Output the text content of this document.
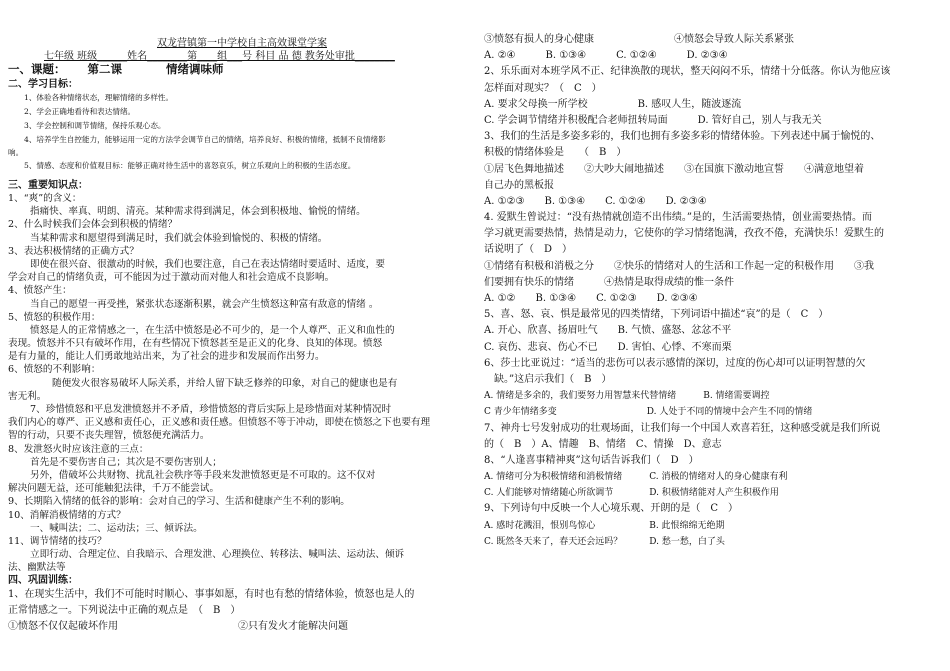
双龙营镇第一中学校自主高效课堂学案
七年级 班级______姓名________第____组___号 科目 品 德 教务处审批________
一、课题： 第二课	情绪调味师
二、学习目标：
1、体验各种情绪状态，理解情绪的多样性。
2、学会正确地看待和表达情绪。
3、学会控制和调节情绪，保持乐观心态。
4、培养学生自控能力，能够运用一定的方法学会调节自己的情绪，培养良好、积极的情绪，抵制不良情绪影
响。
5、情感、态度和价值观目标：能够正确对待生活中的喜怒哀乐，树立乐观向上的积极的生活态度。
三、重要知识点：
1、“爽”的含义：
指痛快、率真、明朗、清亮。某种需求得到满足，体会到积极地、愉悦的情绪。
2、什么时候我们会体会到积极的情绪？
当某种需求和愿望得到满足时，我们就会体验到愉悦的、积极的情绪。
3、表达积极情绪的正确方式？
即使在很兴奋、很激动的时候，我们也要注意，自己在表达情绪时要适时、适度，要
学会对自己的情绪负责，可不能因为过于激动而对他人和社会造成不良影响。
4、愤怒产生：
当自己的愿望一再受挫，紧张状态逐渐积累，就会产生愤怒这种富有敌意的情绪 。
5、愤怒的积极作用：
愤怒是人的正常情感之一，在生活中愤怒是必不可少的，是一个人尊严、正义和血性的
表现。愤怒并不只有破坏作用，在有些情况下愤怒甚至是正义的化身、良知的体现。愤怒
是有力量的，能让人们勇敢地站出来，为了社会的进步和发展而作出努力。
6、愤怒的不利影响：
随便发火很容易破坏人际关系，并给人留下缺乏修养的印象，对自己的健康也是有
害无利。
7、珍惜愤怒和平息发泄愤怒并不矛盾，珍惜愤怒的背后实际上是珍惜面对某种情况时
我们内心的尊严、正义感和责任心，正义感和责任感。但愤怒不等于冲动，即使在愤怒之下也要有理
智的行动，只要不丧失理智，愤怒便充满活力。
8、发泄怒火时应该注意的三点：
首先是不要伤害自己；其次是不要伤害别人；
另外，借破坏公共财物、扰乱社会秩序等手段来发泄愤怒更是不可取的。这不仅对
解决问题无益，还可能触犯法律，千万不能尝试。
9、长期陷入情绪的低谷的影响：会对自己的学习、生活和健康产生不利的影响。
10、消解消极情绪的方式？
一、喊叫法；二、运动法；三、倾诉法。
11、调节情绪的技巧？
立即行动、合理定位、自我暗示、合理发泄、心理换位、转移法、喊叫法、运动法、倾诉
法、幽默法等
四、巩固训练：
1、在现实生活中，我们不可能时时顺心、事事如愿，有时也有愁的情绪体验，愤怒也是人的
正常情感之一。下列说法中正确的观点是　（　B　）
①愤怒不仅仅起破坏作用	②只有发火才能解决问题
③愤怒有损人的身心健康　　　　　　　　④愤怒会导致人际关系紧张
A. ②④　　　B. ①③④　　　C. ①②④　　　D. ②③④
2、乐乐面对本班学风不正、纪律涣散的现状，整天闷闷不乐，情绪十分低落。你认为他应该
怎样面对现实？（　C　）
A. 要求父母换一所学校　　　　　B. 感叹人生，随波逐流
C. 学会调节情绪并积极配合老师扭转局面　　　D. 管好自己，别人与我无关
3、我们的生活是多姿多彩的，我们也拥有多姿多彩的情绪体验。下列表述中属于愉悦的、
积极的情绪体验是　　（　B　）
①居飞色舞地描述　　②大吵大闹地描述　　③在国旗下激动地宣誓　　④满意地望着
自己办的黑板报
A. ①②③　　B. ①③④　　C. ①②④　　D. ②③④
4. 爱默生曾说过：“没有热情就创造不出伟绩。”是的，生活需要热情，创业需要热情。而
学习就更需要热情，热情是动力，它使你的学习情绪饱满，孜孜不倦，充满快乐！爱默生的
话说明了（　D　）
①情绪有积极和消极之分　　②快乐的情绪对人的生活和工作起一定的积极作用　　③我
们要拥有快乐的情绪　　　④热情是取得成绩的惟一条件
A. ①②　　B. ①③④　　C. ①②③　　D. ②③④
5、喜、怒、哀、惧是最常见的四类情绪，下列词语中描述“哀”的是（　C　）
A. 开心、欣喜、扬眉吐气　　B. 气愤、盛怒、忿忿不平
C. 哀伤、悲哀、伤心不已　　D. 害怕、心悸、不寒而栗
6、莎士比亚说过：“适当的悲伤可以表示感情的深切，过度的伤心却可以证明智慧的欠
　缺。”这启示我们（　B　）
A. 情绪是多余的，我们要努力用智慧来代替情绪　　　B. 情绪需要调控
C 青少年情绪多变　　　　　　　　　　D. 人处于不同的情境中会产生不同的情绪
7、神舟七号发射成功的壮观场面，让我们每一个中国人欢喜若狂，这种感受就是我们所说
的（　B　）A、情趣　B、情绪　C、情操　D、意志
8、“人逢喜事精神爽”这句话告诉我们（　D　）
A. 情绪可分为积极情绪和消极情绪　　　C. 消极的情绪对人的身心健康有利
C. 人们能够对情绪随心所欲调节　　　　D. 积极情绪能对人产生积极作用
9、下列诗句中反映一个人心境乐观、开朗的是（　C　）
A. 感时花溅泪，恨别鸟惊心　　　　　　B. 此恨绵绵无绝期
C. 既然冬天来了，春天还会远吗？　　　D. 愁一愁，白了头
